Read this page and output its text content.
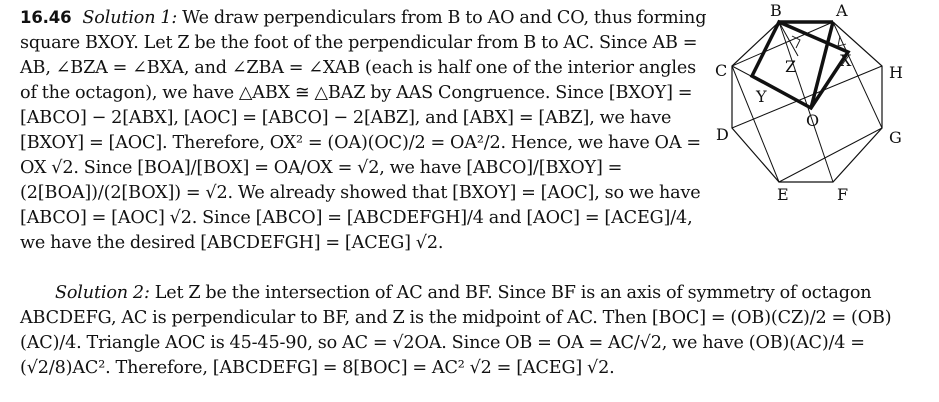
16.46 Solution 1: We draw perpendiculars from B to AO and CO, thus forming square BXOY. Let Z be the foot of the perpendicular from B to AC. Since AB = AB, ∠BZA = ∠BXA, and ∠ZBA = ∠XAB (each is half one of the interior angles of the octagon), we have △ABX ≅ △BAZ by AAS Congruence. Since [BXOY] = [ABCO] − 2[ABX], [AOC] = [ABCO] − 2[ABZ], and [ABX] = [ABZ], we have [BXOY] = [AOC]. Therefore, OX² = (OA)(OC)/2 = OA²/2. Hence, we have OA = OX √2. Since [BOA]/[BOX] = OA/OX = √2, we have [ABCO]/[BXOY] = (2[BOA])/(2[BOX]) = √2. We already showed that [BXOY] = [AOC], so we have [ABCO] = [AOC] √2. Since [ABCO] = [ABCDEFGH]/4 and [AOC] = [ACEG]/4, we have the desired [ABCDEFGH] = [ACEG] √2.
Solution 2: Let Z be the intersection of AC and BF. Since BF is an axis of symmetry of octagon ABCDEFG, AC is perpendicular to BF, and Z is the midpoint of AC. Then [BOC] = (OB)(CZ)/2 = (OB)(AC)/4. Triangle AOC is 45-45-90, so AC = √2OA. Since OB = OA = AC/√2, we have (OB)(AC)/4 = (√2/8)AC². Therefore, [ABCDEFG] = 8[BOC] = AC² √2 = [ACEG] √2.
B	A
C	H
Z	X
Y
O
D	G
E	F
